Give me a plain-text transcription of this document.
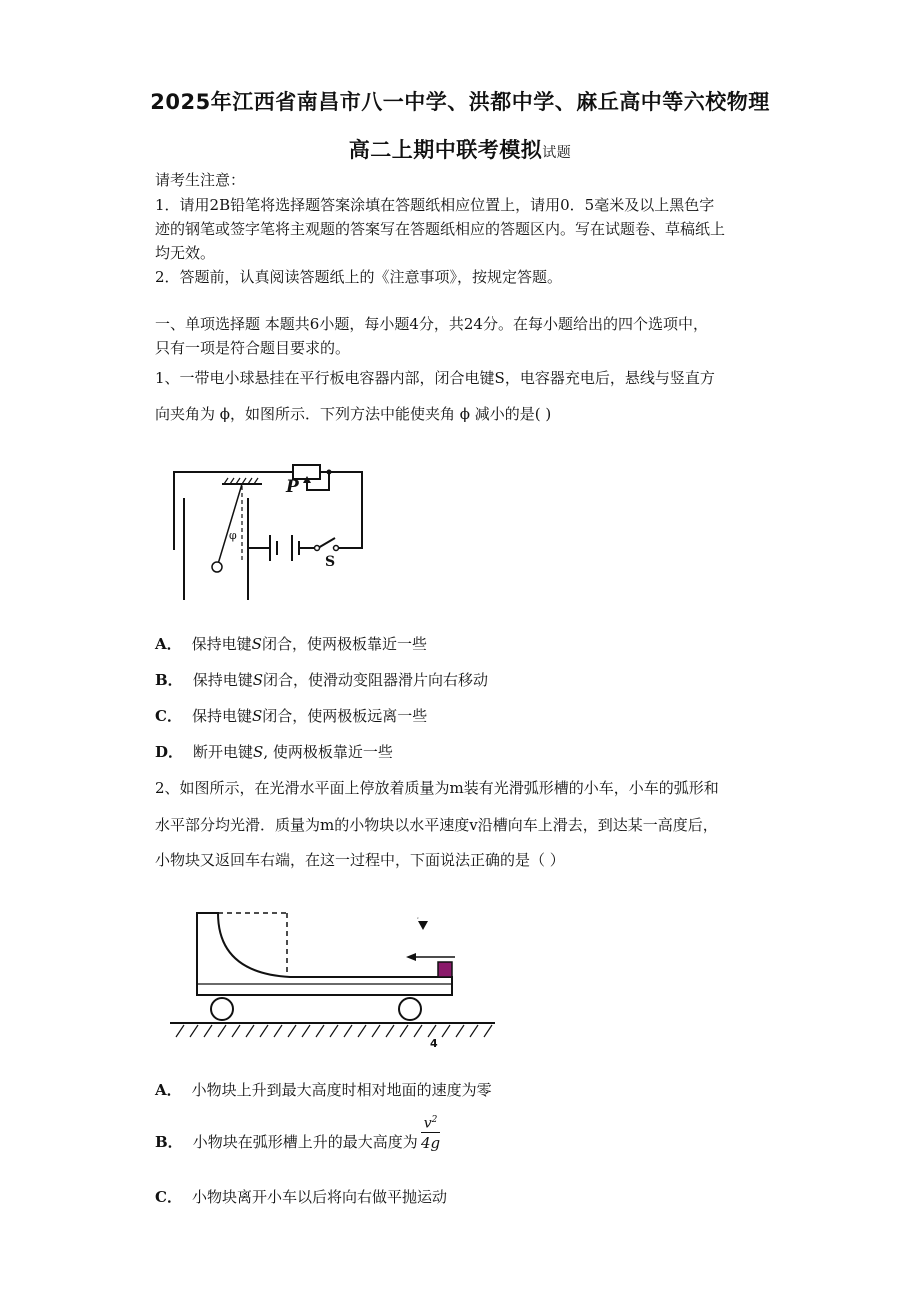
2025年江西省南昌市八一中学、洪都中学、麻丘高中等六校物理
高二上期中联考模拟试题
请考生注意：
1．请用2B铅笔将选择题答案涂填在答题纸相应位置上，请用0．5毫米及以上黑色字
迹的钢笔或签字笔将主观题的答案写在答题纸相应的答题区内。写在试题卷、草稿纸上
均无效。
2．答题前，认真阅读答题纸上的《注意事项》，按规定答题。
一、单项选择题 本题共6小题，每小题4分，共24分。在每小题给出的四个选项中，
只有一项是符合题目要求的。
1、一带电小球悬挂在平行板电容器内部，闭合电键S，电容器充电后，悬线与竖直方
向夹角为 ϕ，如图所示．下列方法中能使夹角 ϕ 减小的是( )
P
S
φ
A． 保持电键S闭合，使两极板靠近一些
B． 保持电键S闭合，使滑动变阻器滑片向右移动
C． 保持电键S闭合，使两极板远离一些
D． 断开电键S, 使两极板靠近一些
2、如图所示，在光滑水平面上停放着质量为m装有光滑弧形槽的小车，小车的弧形和
水平部分均光滑．质量为m的小物块以水平速度v沿槽向车上滑去，到达某一高度后，
小物块又返回车右端，在这一过程中，下面说法正确的是（ ）
v
4
A． 小物块上升到最大高度时相对地面的速度为零
B． 小物块在弧形槽上升的最大高度为 $\frac{v^2}{4g}$
C． 小物块离开小车以后将向右做平抛运动
